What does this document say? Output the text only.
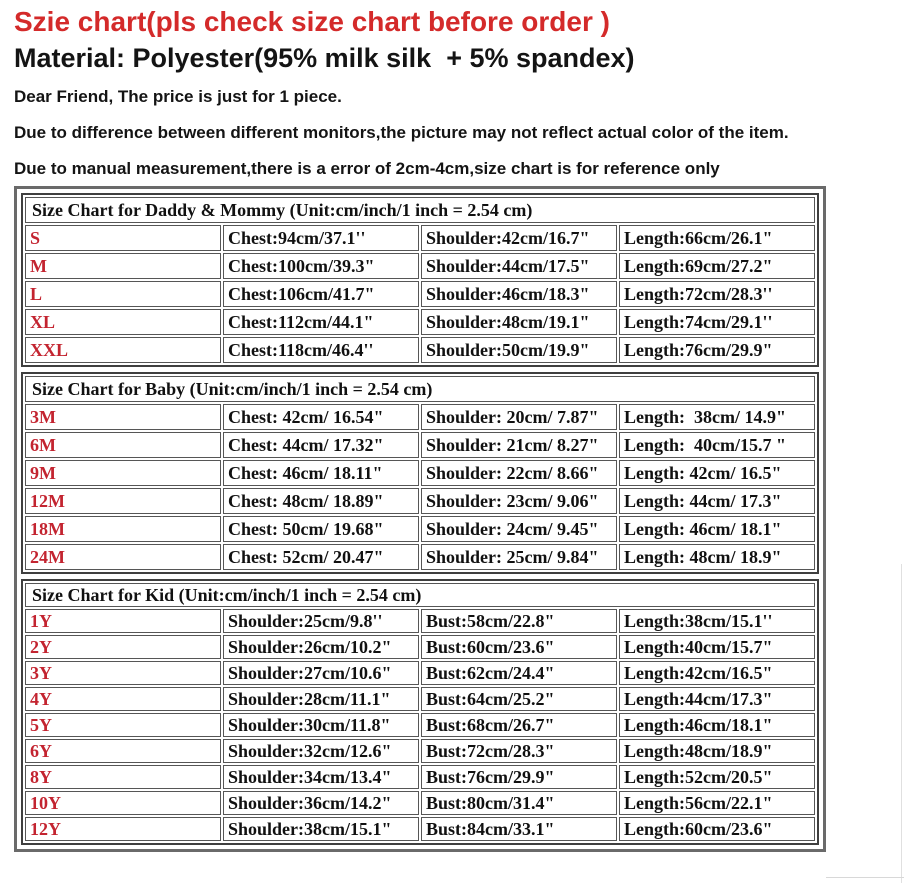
Szie chart(pls check size chart before order )
Material: Polyester(95% milk silk  + 5% spandex)

Dear Friend, The price is just for 1 piece.

Due to difference between different monitors,the picture may not reflect actual color of the item.

Due to manual measurement,there is a error of 2cm-4cm,size chart is for reference only

Size Chart for Daddy & Mommy (Unit:cm/inch/1 inch = 2.54 cm)			
S	Chest:94cm/37.1''	Shoulder:42cm/16.7"	Length:66cm/26.1"
M	Chest:100cm/39.3"	Shoulder:44cm/17.5"	Length:69cm/27.2"
L	Chest:106cm/41.7"	Shoulder:46cm/18.3"	Length:72cm/28.3''
XL	Chest:112cm/44.1"	Shoulder:48cm/19.1"	Length:74cm/29.1''
XXL	Chest:118cm/46.4''	Shoulder:50cm/19.9"	Length:76cm/29.9"
Size Chart for Baby (Unit:cm/inch/1 inch = 2.54 cm)			
3M	Chest: 42cm/ 16.54"	Shoulder: 20cm/ 7.87"	Length:  38cm/ 14.9"
6M	Chest: 44cm/ 17.32"	Shoulder: 21cm/ 8.27"	Length:  40cm/15.7 "
9M	Chest: 46cm/ 18.11"	Shoulder: 22cm/ 8.66"	Length: 42cm/ 16.5"
12M	Chest: 48cm/ 18.89"	Shoulder: 23cm/ 9.06"	Length: 44cm/ 17.3"
18M	Chest: 50cm/ 19.68"	Shoulder: 24cm/ 9.45"	Length: 46cm/ 18.1"
24M	Chest: 52cm/ 20.47"	Shoulder: 25cm/ 9.84"	Length: 48cm/ 18.9"
Size Chart for Kid (Unit:cm/inch/1 inch = 2.54 cm)			
1Y	Shoulder:25cm/9.8''	Bust:58cm/22.8"	Length:38cm/15.1''
2Y	Shoulder:26cm/10.2"	Bust:60cm/23.6"	Length:40cm/15.7"
3Y	Shoulder:27cm/10.6"	Bust:62cm/24.4"	Length:42cm/16.5"
4Y	Shoulder:28cm/11.1"	Bust:64cm/25.2"	Length:44cm/17.3"
5Y	Shoulder:30cm/11.8"	Bust:68cm/26.7"	Length:46cm/18.1"
6Y	Shoulder:32cm/12.6"	Bust:72cm/28.3"	Length:48cm/18.9"
8Y	Shoulder:34cm/13.4"	Bust:76cm/29.9"	Length:52cm/20.5"
10Y	Shoulder:36cm/14.2"	Bust:80cm/31.4"	Length:56cm/22.1"
12Y	Shoulder:38cm/15.1"	Bust:84cm/33.1"	Length:60cm/23.6"
